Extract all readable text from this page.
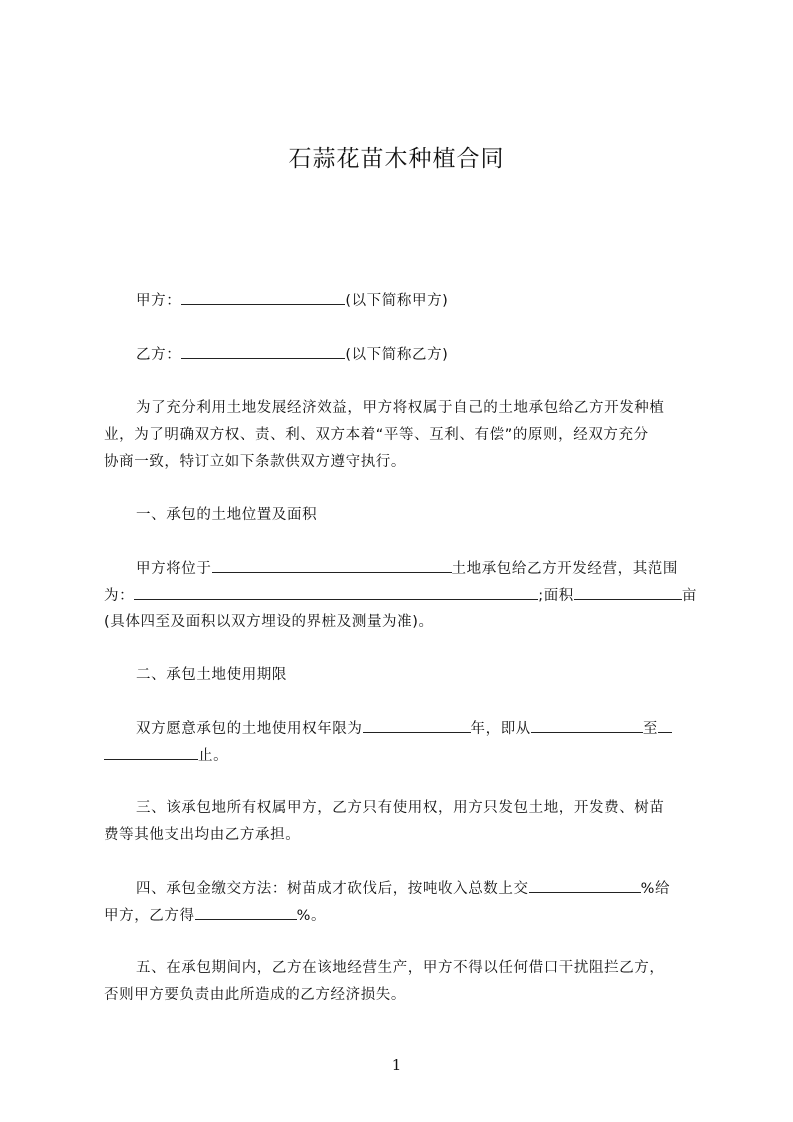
石蒜花苗木种植合同
甲方：	(以下简称甲方)
乙方：	(以下简称乙方)
为了充分利用土地发展经济效益，甲方将权属于自己的土地承包给乙方开发种植
业，为了明确双方权、责、利、双方本着“平等、互利、有偿”的原则，经双方充分
协商一致，特订立如下条款供双方遵守执行。
一、承包的土地位置及面积
甲方将位于	土地承包给乙方开发经营，其范围
为：	;面积	亩
(具体四至及面积以双方埋设的界桩及测量为准)。
二、承包土地使用期限
双方愿意承包的土地使用权年限为	年，即从	至
止。
三、该承包地所有权属甲方，乙方只有使用权，用方只发包土地，开发费、树苗
费等其他支出均由乙方承担。
四、承包金缴交方法：树苗成才砍伐后，按吨收入总数上交	%给
甲方，乙方得	%。
五、在承包期间内，乙方在该地经营生产，甲方不得以任何借口干扰阻拦乙方，
否则甲方要负责由此所造成的乙方经济损失。
1
